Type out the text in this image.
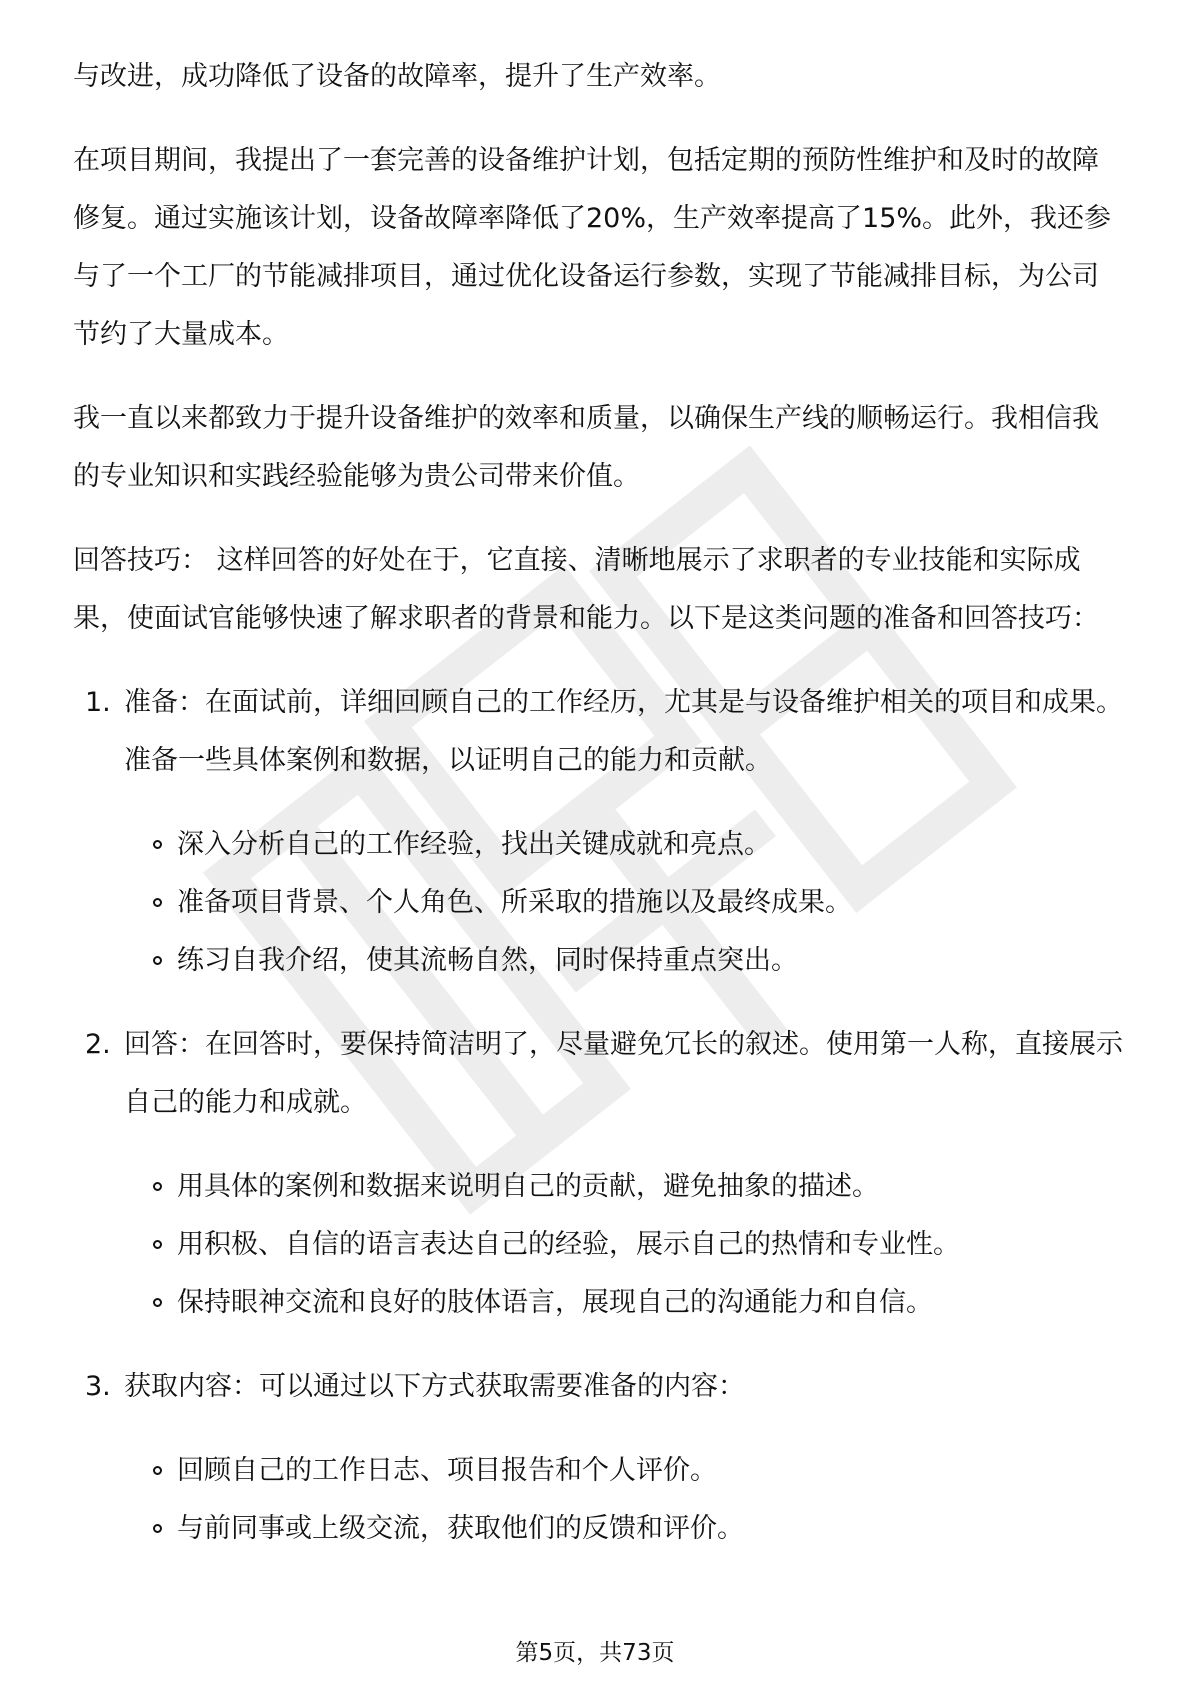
与改进，成功降低了设备的故障率，提升了生产效率。

在项目期间，我提出了一套完善的设备维护计划，包括定期的预防性维护和及时的故障修复。通过实施该计划，设备故障率降低了20%，生产效率提高了15%。此外，我还参与了一个工厂的节能减排项目，通过优化设备运行参数，实现了节能减排目标，为公司节约了大量成本。

我一直以来都致力于提升设备维护的效率和质量，以确保生产线的顺畅运行。我相信我的专业知识和实践经验能够为贵公司带来价值。

回答技巧： 这样回答的好处在于，它直接、清晰地展示了求职者的专业技能和实际成果，使面试官能够快速了解求职者的背景和能力。以下是这类问题的准备和回答技巧：

1. 准备：在面试前，详细回顾自己的工作经历，尤其是与设备维护相关的项目和成果。准备一些具体案例和数据，以证明自己的能力和贡献。
深入分析自己的工作经验，找出关键成就和亮点。
准备项目背景、个人角色、所采取的措施以及最终成果。
练习自我介绍，使其流畅自然，同时保持重点突出。
2. 回答：在回答时，要保持简洁明了，尽量避免冗长的叙述。使用第一人称，直接展示自己的能力和成就。
用具体的案例和数据来说明自己的贡献，避免抽象的描述。
用积极、自信的语言表达自己的经验，展示自己的热情和专业性。
保持眼神交流和良好的肢体语言，展现自己的沟通能力和自信。
3. 获取内容：可以通过以下方式获取需要准备的内容：
回顾自己的工作日志、项目报告和个人评价。
与前同事或上级交流，获取他们的反馈和评价。
第5页，共73页
